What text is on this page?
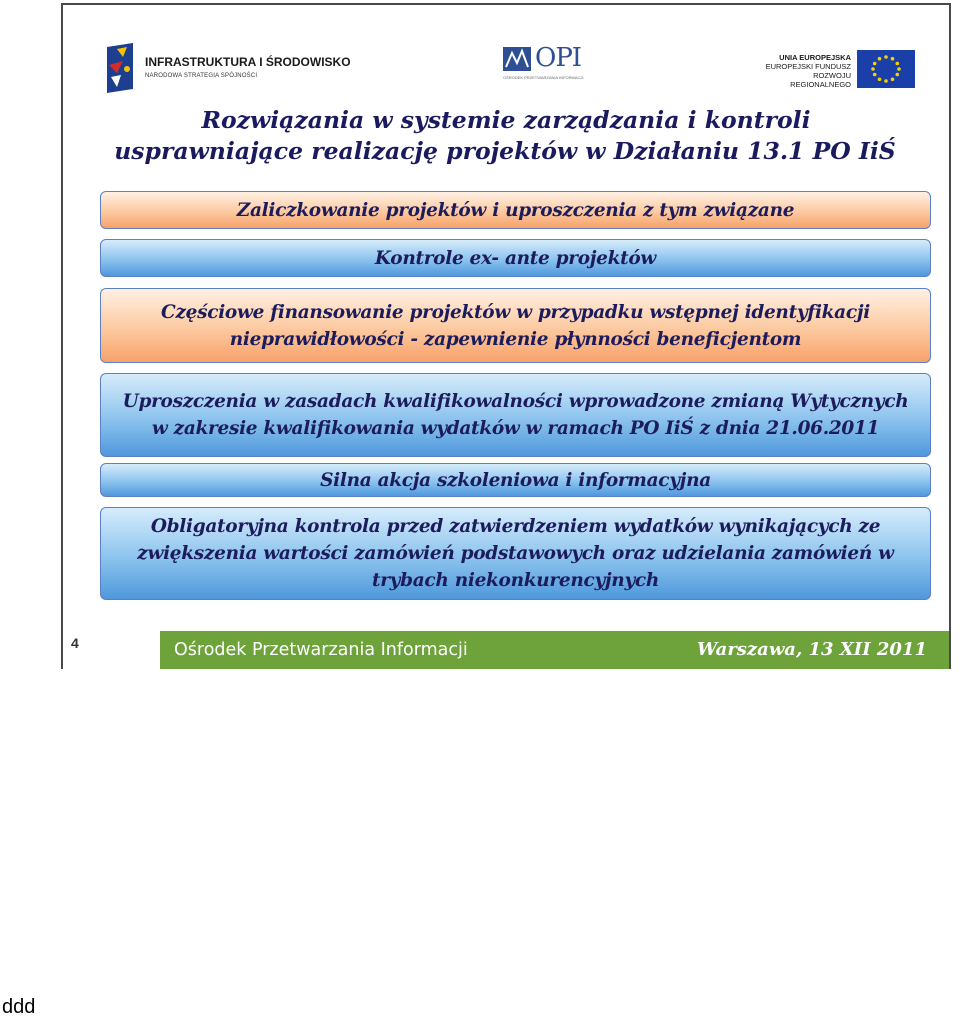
INFRASTRUKTURA I ŚRODOWISKO
NARODOWA STRATEGIA SPÓJNOŚCI
OPI
OŚRODEK PRZETWARZANIA INFORMACJI
UNIA EUROPEJSKA
EUROPEJSKI FUNDUSZ
ROZWOJU REGIONALNEGO
Rozwiązania w systemie zarządzania i kontroli
usprawniające realizację projektów w Działaniu 13.1 PO IiŚ
Zaliczkowanie projektów i uproszczenia z tym związane
Kontrole ex- ante projektów
Częściowe finansowanie projektów w przypadku wstępnej identyfikacji
nieprawidłowości - zapewnienie płynności beneficjentom
Uproszczenia w zasadach kwalifikowalności wprowadzone zmianą Wytycznych
w zakresie kwalifikowania wydatków w ramach PO IiŚ z dnia 21.06.2011
Silna akcja szkoleniowa i informacyjna
Obligatoryjna kontrola przed zatwierdzeniem wydatków wynikających ze
zwiększenia wartości zamówień podstawowych oraz udzielania zamówień w
trybach niekonkurencyjnych
4	Ośrodek Przetwarzania Informacji	Warszawa, 13 XII 2011
ddd
